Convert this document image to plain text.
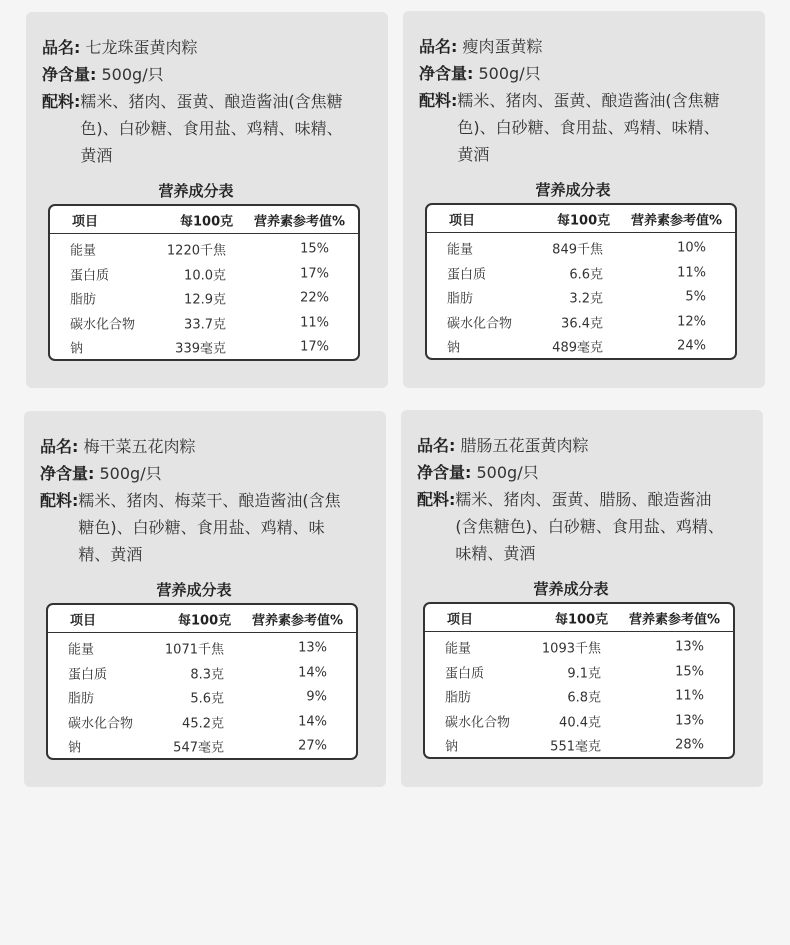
品名: 七龙珠蛋黄肉粽
净含量: 500g/只
配料: 糯米、猪肉、蛋黄、酿造酱油(含焦糖色)、白砂糖、食用盐、鸡精、味精、黄酒
营养成分表
项目	每100克 营养素参考值%
能量	1220千焦	15%
蛋白质	10.0克	17%
脂肪	12.9克	22%
碳水化合物	33.7克	11%
钠	339毫克	17%
品名: 瘦肉蛋黄粽
净含量: 500g/只
配料: 糯米、猪肉、蛋黄、酿造酱油(含焦糖色)、白砂糖、食用盐、鸡精、味精、黄酒
营养成分表
项目	每100克 营养素参考值%
能量	849千焦	10%
蛋白质	6.6克	11%
脂肪	3.2克	5%
碳水化合物	36.4克	12%
钠	489毫克	24%
品名: 梅干菜五花肉粽
净含量: 500g/只
配料: 糯米、猪肉、梅菜干、酿造酱油(含焦糖色)、白砂糖、食用盐、鸡精、味精、黄酒
营养成分表
项目	每100克 营养素参考值%
能量	1071千焦	13%
蛋白质	8.3克	14%
脂肪	5.6克	9%
碳水化合物	45.2克	14%
钠	547毫克	27%
品名: 腊肠五花蛋黄肉粽
净含量: 500g/只
配料: 糯米、猪肉、蛋黄、腊肠、酿造酱油(含焦糖色)、白砂糖、食用盐、鸡精、味精、黄酒
营养成分表
项目	每100克 营养素参考值%
能量	1093千焦	13%
蛋白质	9.1克	15%
脂肪	6.8克	11%
碳水化合物	40.4克	13%
钠	551毫克	28%
